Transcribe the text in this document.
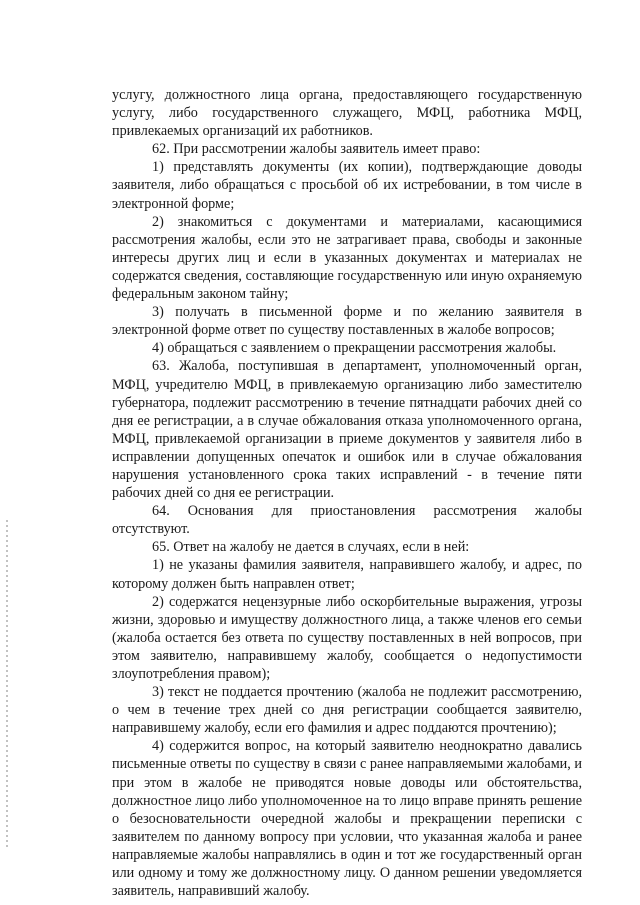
услугу, должностного лица органа, предоставляющего государственную услугу, либо государственного служащего, МФЦ, работника МФЦ, привлекаемых организаций их работников.

62. При рассмотрении жалобы заявитель имеет право:

1) представлять документы (их копии), подтверждающие доводы заявителя, либо обращаться с просьбой об их истребовании, в том числе в электронной форме;

2) знакомиться с документами и материалами, касающимися рассмотрения жалобы, если это не затрагивает права, свободы и законные интересы других лиц и если в указанных документах и материалах не содержатся сведения, составляющие государственную или иную охраняемую федеральным законом тайну;

3) получать в письменной форме и по желанию заявителя в электронной форме ответ по существу поставленных в жалобе вопросов;

4) обращаться с заявлением о прекращении рассмотрения жалобы.

63. Жалоба, поступившая в департамент, уполномоченный орган, МФЦ, учредителю МФЦ, в привлекаемую организацию либо заместителю губернатора, подлежит рассмотрению в течение пятнадцати рабочих дней со дня ее регистрации, а в случае обжалования отказа уполномоченного органа, МФЦ, привлекаемой организации в приеме документов у заявителя либо в исправлении допущенных опечаток и ошибок или в случае обжалования нарушения установленного срока таких исправлений - в течение пяти рабочих дней со дня ее регистрации.

64. Основания для приостановления рассмотрения жалобы отсутствуют.

65. Ответ на жалобу не дается в случаях, если в ней:

1) не указаны фамилия заявителя, направившего жалобу, и адрес, по которому должен быть направлен ответ;

2) содержатся нецензурные либо оскорбительные выражения, угрозы жизни, здоровью и имуществу должностного лица, а также членов его семьи (жалоба остается без ответа по существу поставленных в ней вопросов, при этом заявителю, направившему жалобу, сообщается о недопустимости злоупотребления правом);

3) текст не поддается прочтению (жалоба не подлежит рассмотрению, о чем в течение трех дней со дня регистрации сообщается заявителю, направившему жалобу, если его фамилия и адрес поддаются прочтению);

4) содержится вопрос, на который заявителю неоднократно давались письменные ответы по существу в связи с ранее направляемыми жалобами, и при этом в жалобе не приводятся новые доводы или обстоятельства, должностное лицо либо уполномоченное на то лицо вправе принять решение о безосновательности очередной жалобы и прекращении переписки с заявителем по данному вопросу при условии, что указанная жалоба и ранее направляемые жалобы направлялись в один и тот же государственный орган или одному и тому же должностному лицу. О данном решении уведомляется заявитель, направивший жалобу.
